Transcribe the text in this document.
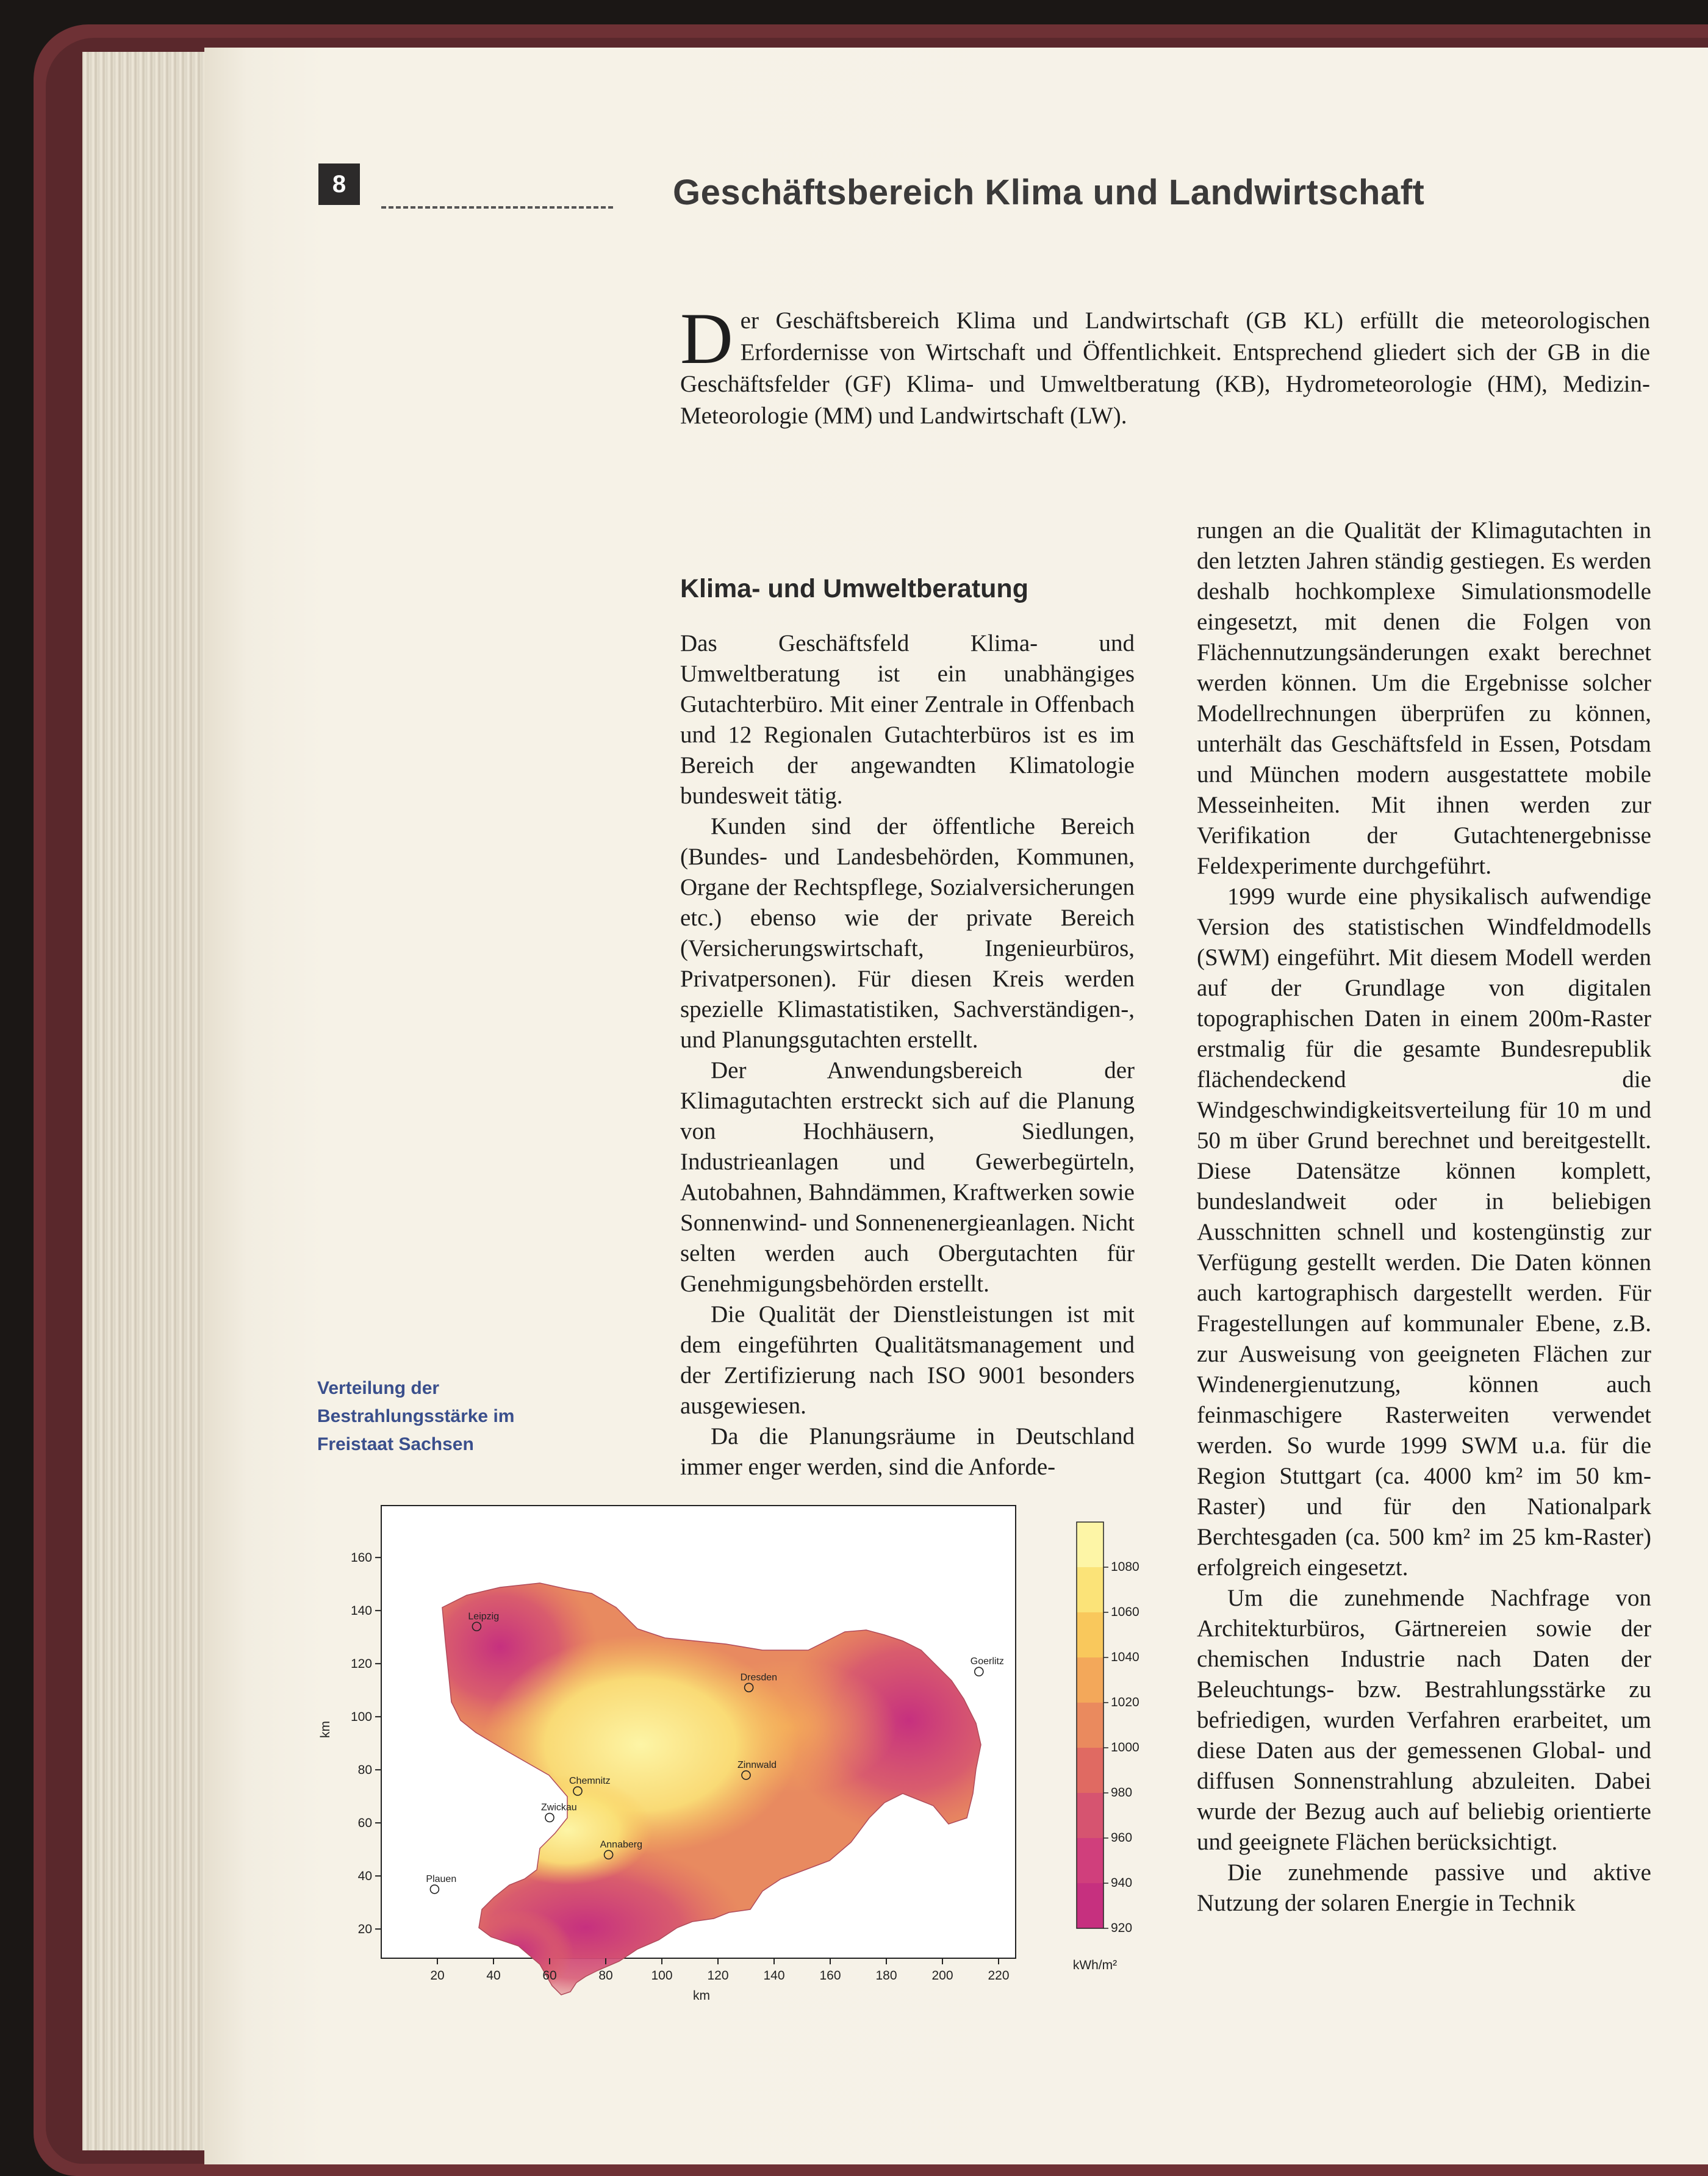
8	Geschäftsbereich Klima und Landwirtschaft

Der Geschäftsbereich Klima und Landwirtschaft (GB KL) erfüllt die meteorologischen Erfordernisse von Wirtschaft und Öffentlichkeit. Entsprechend gliedert sich der GB in die Geschäftsfelder (GF) Klima- und Umweltberatung (KB), Hydrometeorologie (HM), Medizin-Meteorologie (MM) und Landwirtschaft (LW).

Klima- und Umweltberatung

Das Geschäftsfeld Klima- und Umweltberatung ist ein unabhängiges Gutachterbüro. Mit einer Zentrale in Offenbach und 12 Regionalen Gutachterbüros ist es im Bereich der angewandten Klimatologie bundesweit tätig.

Kunden sind der öffentliche Bereich (Bundes- und Landesbehörden, Kommunen, Organe der Rechtspflege, Sozialversicherungen etc.) ebenso wie der private Bereich (Versicherungswirtschaft, Ingenieurbüros, Privatpersonen). Für diesen Kreis werden spezielle Klimastatistiken, Sachverständigen-, und Planungsgutachten erstellt.

Der Anwendungsbereich der Klimagutachten erstreckt sich auf die Planung von Hochhäusern, Siedlungen, Industrieanlagen und Gewerbegürteln, Autobahnen, Bahndämmen, Kraftwerken sowie Sonnenwind- und Sonnenenergieanlagen. Nicht selten werden auch Obergutachten für Genehmigungsbehörden erstellt.

Die Qualität der Dienstleistungen ist mit dem eingeführten Qualitätsmanagement und der Zertifizierung nach ISO 9001 besonders ausgewiesen.

Da die Planungsräume in Deutschland immer enger werden, sind die Anforde-

rungen an die Qualität der Klimagutachten in den letzten Jahren ständig gestiegen. Es werden deshalb hochkomplexe Simulationsmodelle eingesetzt, mit denen die Folgen von Flächennutzungsänderungen exakt berechnet werden können. Um die Ergebnisse solcher Modellrechnungen überprüfen zu können, unterhält das Geschäftsfeld in Essen, Potsdam und München modern ausgestattete mobile Messeinheiten. Mit ihnen werden zur Verifikation der Gutachtenergebnisse Feldexperimente durchgeführt.

1999 wurde eine physikalisch aufwendige Version des statistischen Windfeldmodells (SWM) eingeführt. Mit diesem Modell werden auf der Grundlage von digitalen topographischen Daten in einem 200m-Raster erstmalig für die gesamte Bundesrepublik flächendeckend die Windgeschwindigkeitsverteilung für 10 m und 50 m über Grund berechnet und bereitgestellt. Diese Datensätze können komplett, bundeslandweit oder in beliebigen Ausschnitten schnell und kostengünstig zur Verfügung gestellt werden. Die Daten können auch kartographisch dargestellt werden. Für Fragestellungen auf kommunaler Ebene, z.B. zur Ausweisung von geeigneten Flächen zur Windenergienutzung, können auch feinmaschigere Rasterweiten verwendet werden. So wurde 1999 SWM u.a. für die Region Stuttgart (ca. 4000 km² im 50 km-Raster) und für den Nationalpark Berchtesgaden (ca. 500 km² im 25 km-Raster) erfolgreich eingesetzt.

Um die zunehmende Nachfrage von Architekturbüros, Gärtnereien sowie der chemischen Industrie nach Daten der Beleuchtungs- bzw. Bestrahlungsstärke zu befriedigen, wurden Verfahren erarbeitet, um diese Daten aus der gemessenen Global- und diffusen Sonnenstrahlung abzuleiten. Dabei wurde der Bezug auch auf beliebig orientierte und geeignete Flächen berücksichtigt.

Die zunehmende passive und aktive Nutzung der solaren Energie in Technik

Verteilung der Bestrahlungsstärke im Freistaat Sachsen
20	40	60	80	100	120	140	160	180	200	220
160
140
120
100
80
60
40
20
km
km
Leipzig
Dresden
Goerlitz
Chemnitz
Zwickau
Zinnwald
Annaberg
Plauen
1080
1060
1040
1020
1000
980
960
940
920
kWh/m²
